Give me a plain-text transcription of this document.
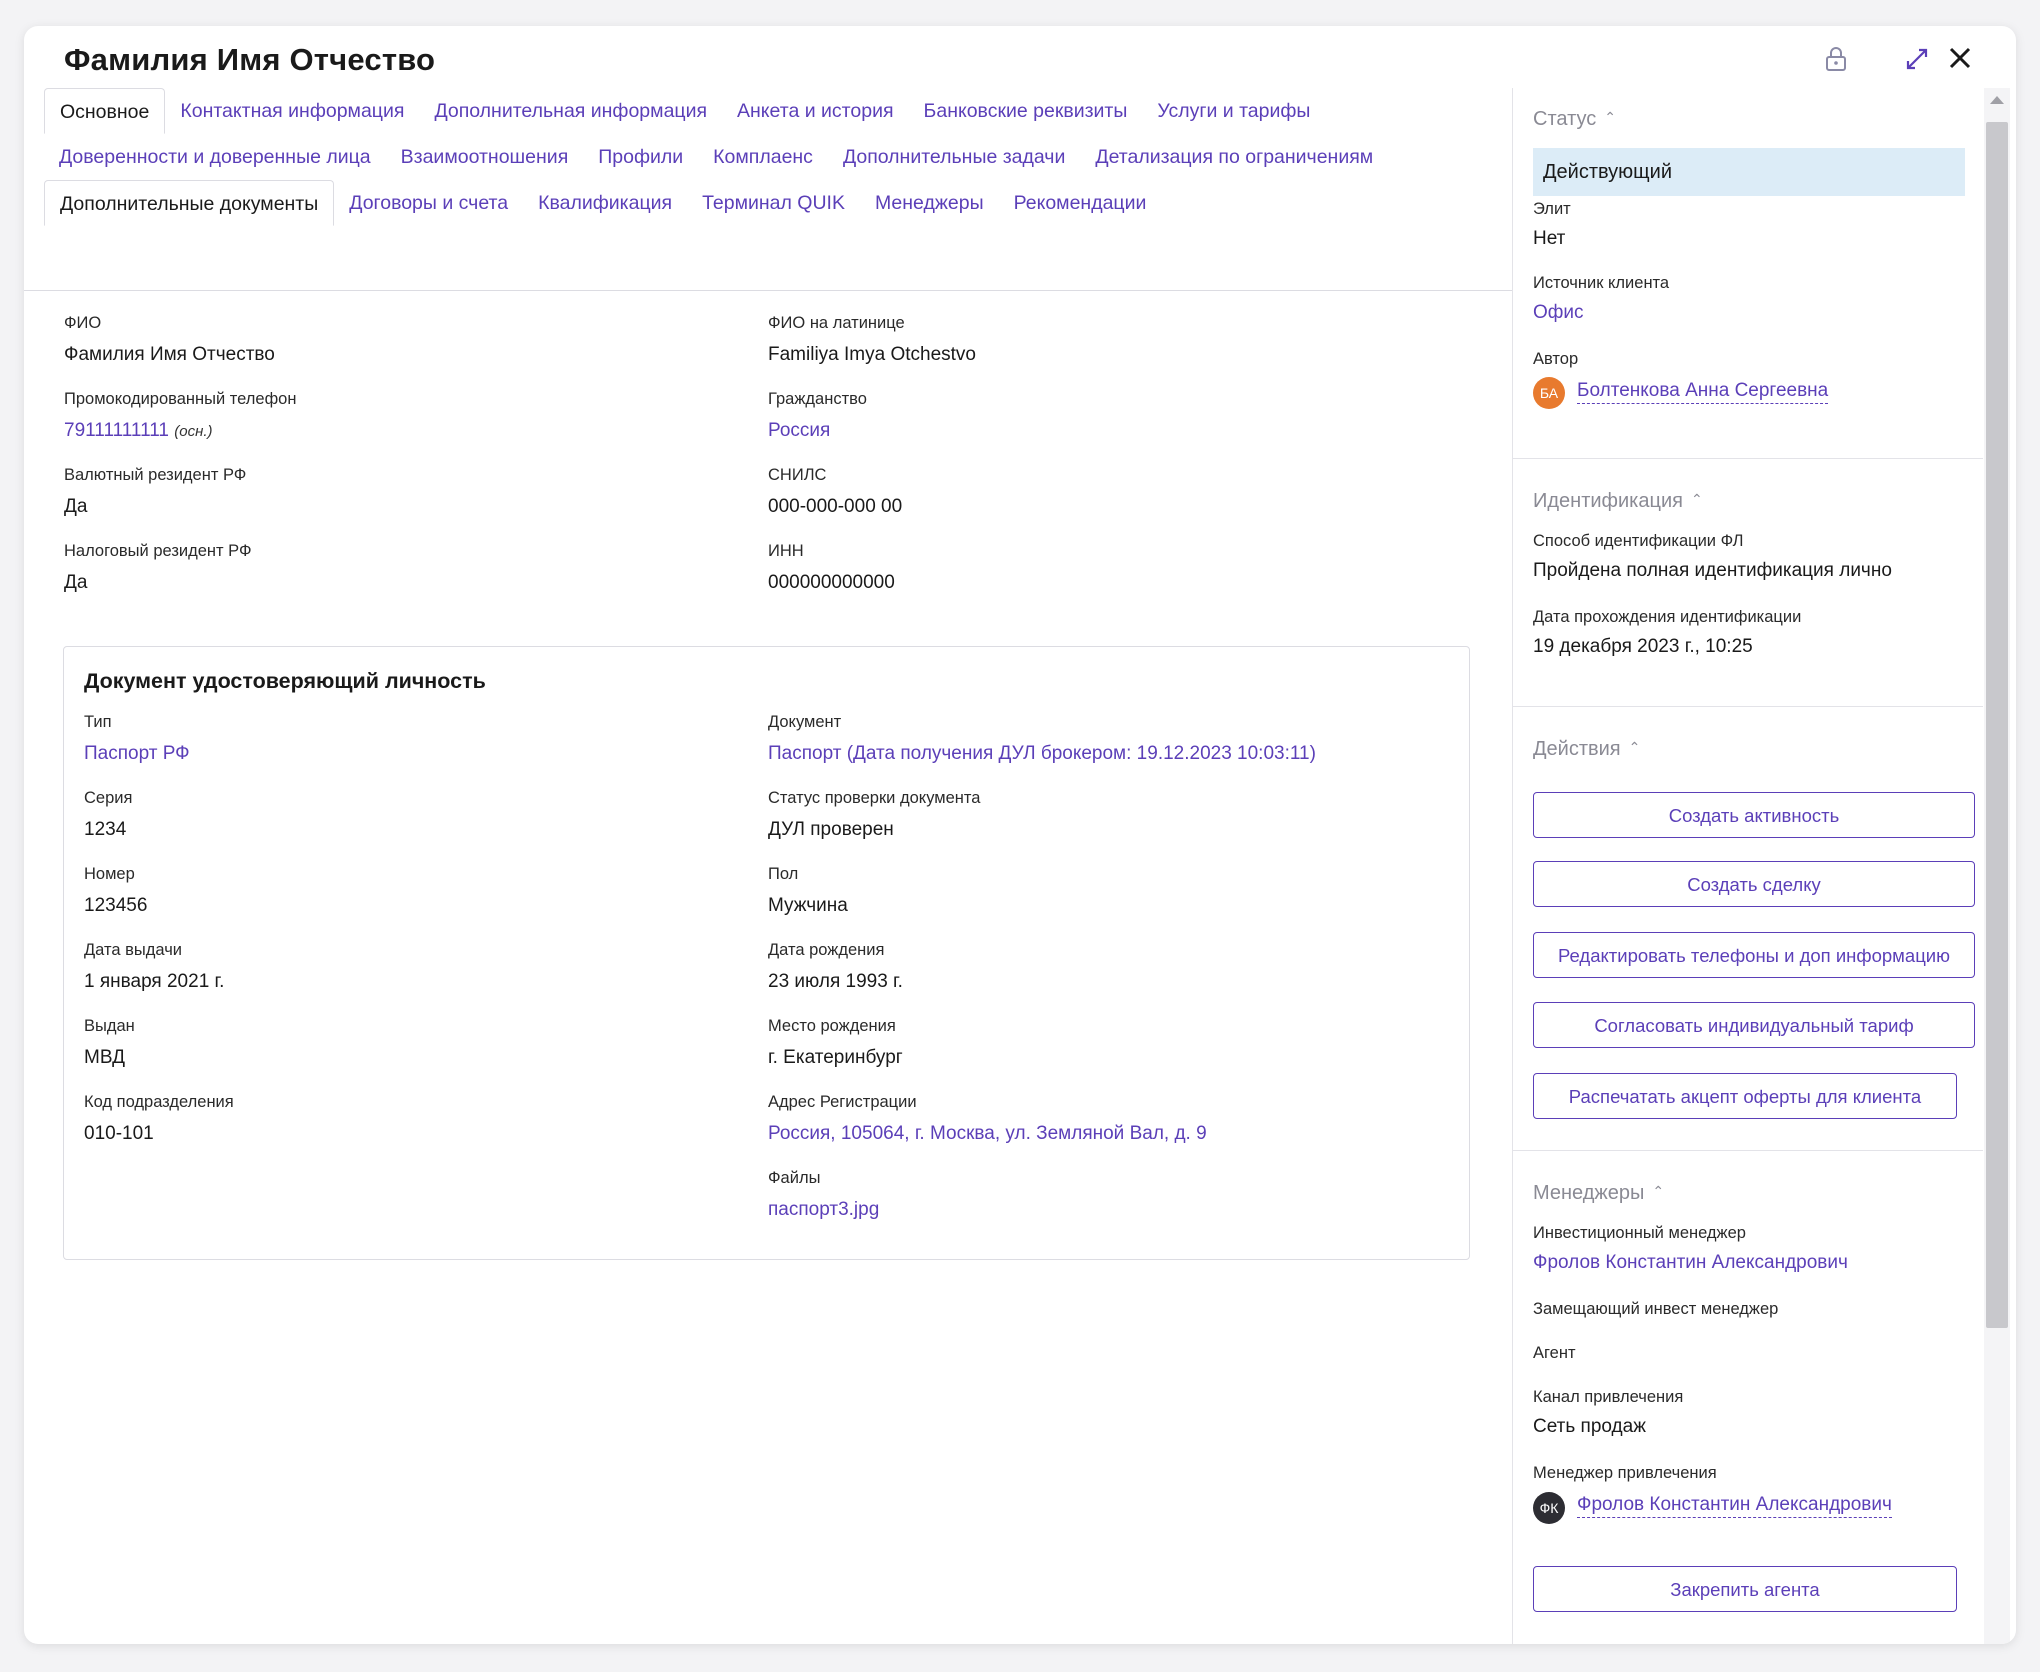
Фамилия Имя Отчество
Основное	Контактная информация	Дополнительная информация	Анкета и история	Банковские реквизиты	Услуги и тарифы
Доверенности и доверенные лица	Взаимоотношения	Профили	Комплаенс	Дополнительные задачи	Детализация по ограничениям
Дополнительные документы	Договоры и счета	Квалификация	Терминал QUIK	Менеджеры	Рекомендации
ФИО
Фамилия Имя Отчество
ФИО на латинице
Familiya Imya Otchestvo
Промокодированный телефон
79111111111 (осн.)
Гражданство
Россия
Валютный резидент РФ
Да
СНИЛС
000-000-000 00
Налоговый резидент РФ
Да
ИНН
000000000000
Документ удостоверяющий личность
Тип
Паспорт РФ
Документ
Паспорт (Дата получения ДУЛ брокером: 19.12.2023 10:03:11)
Серия
1234
Статус проверки документа
ДУЛ проверен
Номер
123456
Пол
Мужчина
Дата выдачи
1 января 2021 г.
Дата рождения
23 июля 1993 г.
Выдан
МВД
Место рождения
г. Екатеринбург
Код подразделения
010-101
Адрес Регистрации
Россия, 105064, г. Москва, ул. Земляной Вал, д. 9
Файлы
паспорт3.jpg
Статус ⌃
Действующий
Элит
Нет
Источник клиента
Офис
Автор
БА Болтенкова Анна Сергеевна
Идентификация ⌃
Способ идентификации ФЛ
Пройдена полная идентификация лично
Дата прохождения идентификации
19 декабря 2023 г., 10:25
Действия ⌃
Создать активность
Создать сделку
Редактировать телефоны и доп информацию
Согласовать индивидуальный тариф
Распечатать акцепт оферты для клиента
Менеджеры ⌃
Инвестиционный менеджер
Фролов Константин Александрович
Замещающий инвест менеджер
Агент
Канал привлечения
Сеть продаж
Менеджер привлечения
ФК Фролов Константин Александрович
Закрепить агента
